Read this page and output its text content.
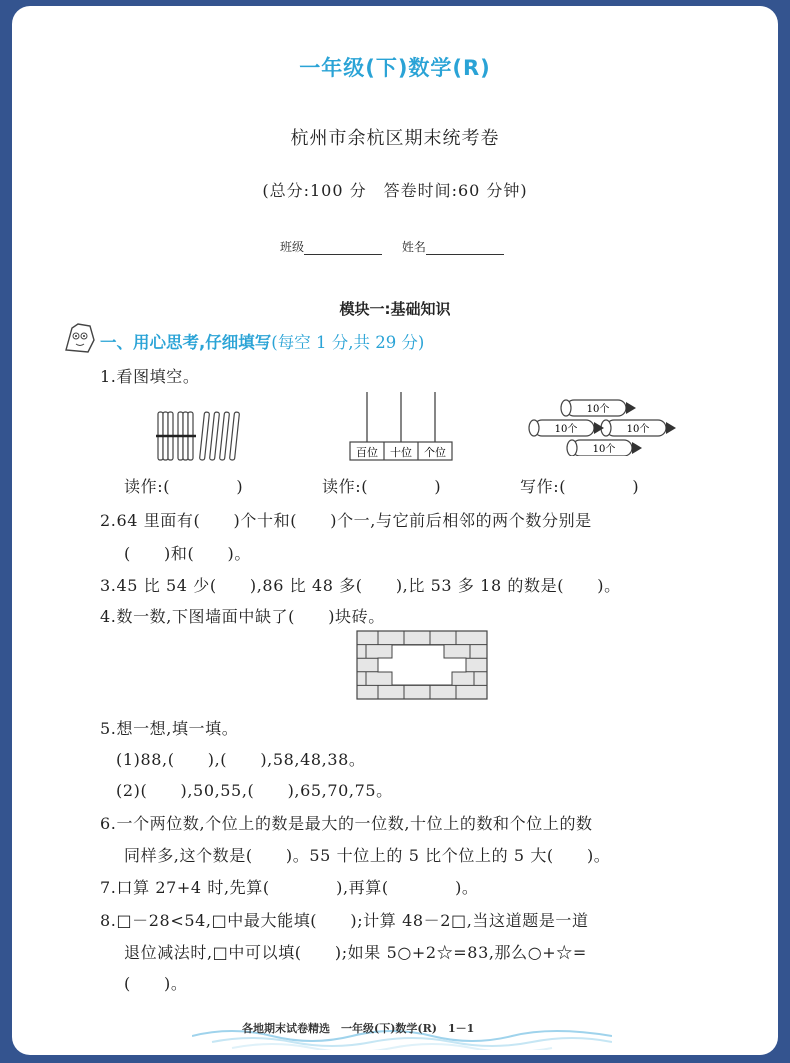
一年级(下)数学(R)
杭州市余杭区期末统考卷
(总分:100 分　答卷时间:60 分钟)
班级	姓名
模块一:基础知识
一、用心思考,仔细填写(每空 1 分,共 29 分)
1.看图填空。
百位 十位 个位
10个
10个	10个
10个
读作:(　　　　)	读作:(　　　　)	写作:(　　　　)
2.64 里面有(　　)个十和(　　)个一,与它前后相邻的两个数分别是
(　　)和(　　)。
3.45 比 54 少(　　),86 比 48 多(　　),比 53 多 18 的数是(　　)。
4.数一数,下图墙面中缺了(　　)块砖。
5.想一想,填一填。
(1)88,(　　),(　　),58,48,38。
(2)(　　),50,55,(　　),65,70,75。
6.一个两位数,个位上的数是最大的一位数,十位上的数和个位上的数
同样多,这个数是(　　)。55 十位上的 5 比个位上的 5 大(　　)。
7.口算 27+4 时,先算(　　　　),再算(　　　　)。
8.□－28<54,□中最大能填(　　);计算 48－2□,当这道题是一道
退位减法时,□中可以填(　　);如果 5○+2☆=83,那么○+☆=
(　　)。
各地期末试卷精选　一年级(下)数学(R)　1－1
